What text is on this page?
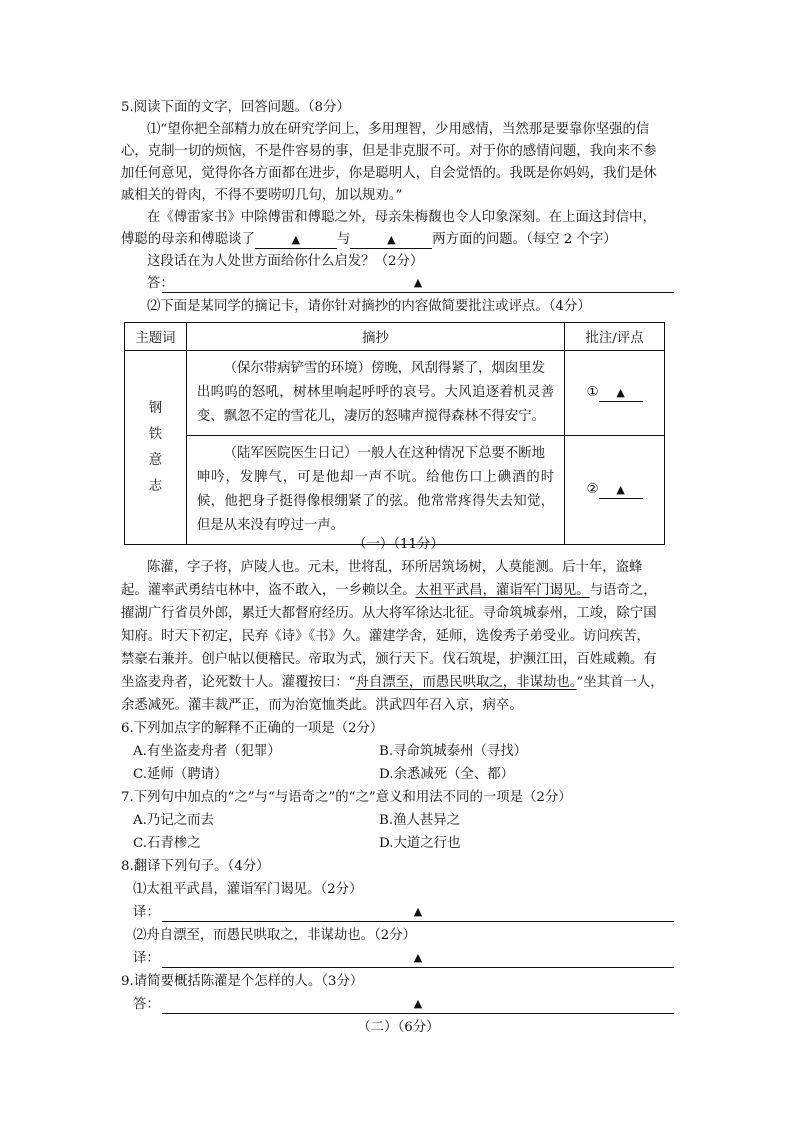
5.阅读下面的文字，回答问题。（8分）
⑴“望你把全部精力放在研究学问上，多用理智，少用感情，当然那是要靠你坚强的信
心，克制一切的烦恼，不是件容易的事，但是非克服不可。对于你的感情问题，我向来不参
加任何意见，觉得你各方面都在进步，你是聪明人，自会觉悟的。我既是你妈妈，我们是休
戚相关的骨肉，不得不要唠叨几句，加以规劝。”
在《傅雷家书》中除傅雷和傅聪之外，母亲朱梅馥也令人印象深刻。在上面这封信中，
傅聪的母亲和傅聪谈了	▲	与	▲	两方面的问题。（每空 2 个字）
这段话在为人处世方面给你什么启发？（2分）
答：	▲
⑵下面是某同学的摘记卡，请你针对摘抄的内容做简要批注或评点。（4分）
主题词	摘抄	批注/评点

钢
铁
意
志	（保尔带病铲雪的环境）傍晚，风刮得紧了，烟囱里发
出呜呜的怒吼，树林里响起呼呼的哀号。大风追逐着机灵善变、飘忽不定的雪花儿，凄厉的怒啸声搅得森林不得安宁。	① ▲

	（陆军医院医生日记）一般人在这种情况下总要不断地
呻吟，发脾气，可是他却一声不吭。给他伤口上碘酒的时候，他把身子挺得像根绷紧了的弦。他常常疼得失去知觉，但是从来没有哼过一声。	② ▲
（一）（11分）
陈灌，字子将，庐陵人也。元末，世将乱，环所居筑场树，人莫能测。后十年，盗蜂
起。灌率武勇结屯林中，盗不敢入，一乡赖以全。太祖平武昌，灌诣军门谒见。与语奇之，
擢湖广行省员外郎，累迁大都督府经历。从大将军徐达北征。寻命筑城泰州，工竣，除宁国
知府。时天下初定，民弃《诗》《书》久。灌建学舍，延师，选俊秀子弟受业。访问疾苦，
禁豪右兼并。创户帖以便稽民。帝取为式，颁行天下。伐石筑堤，护濒江田，百姓咸赖。有
坐盗麦舟者，论死数十人。灌覆按曰：“舟自漂至，而愚民哄取之，非谋劫也。”坐其首一人，
余悉减死。灌丰裁严正，而为治宽恤类此。洪武四年召入京，病卒。
6.下列加点字的解释不正确的一项是（2分）
A.有坐盗麦舟者（犯罪）	B.寻命筑城泰州（寻找）
C.延师（聘请）	D.余悉减死（全、都）
7.下列句中加点的“之”与“与语奇之”的“之”意义和用法不同的一项是（2分）
A.乃记之而去	B.渔人甚异之
C.石青椮之	D.大道之行也
8.翻译下列句子。（4分）
⑴太祖平武昌，灌诣军门谒见。（2分）
译：	▲
⑵舟自漂至，而愚民哄取之，非谋劫也。（2分）
译：	▲
9.请简要概括陈灌是个怎样的人。（3分）
答：	▲
（二）（6分）
